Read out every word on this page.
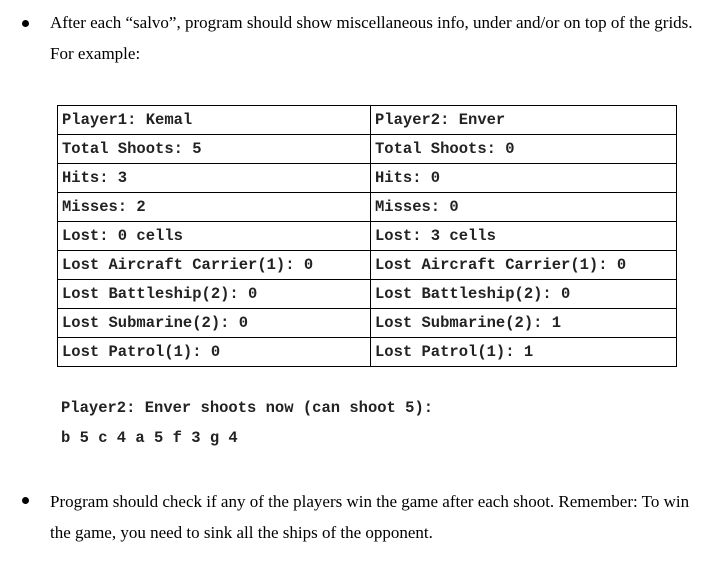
After each “salvo”, program should show miscellaneous info, under and/or on top of the grids. For example:

Player1: Kemal	Player2: Enver
Total Shoots: 5	Total Shoots: 0
Hits: 3	Hits: 0
Misses: 2	Misses: 0
Lost: 0 cells	Lost: 3 cells
Lost Aircraft Carrier(1): 0	Lost Aircraft Carrier(1): 0
Lost Battleship(2): 0	Lost Battleship(2): 0
Lost Submarine(2): 0	Lost Submarine(2): 1
Lost Patrol(1): 0	Lost Patrol(1): 1
Player2: Enver shoots now (can shoot 5):
b 5 c 4 a 5 f 3 g 4

Program should check if any of the players win the game after each shoot. Remember: To win the game, you need to sink all the ships of the opponent.
